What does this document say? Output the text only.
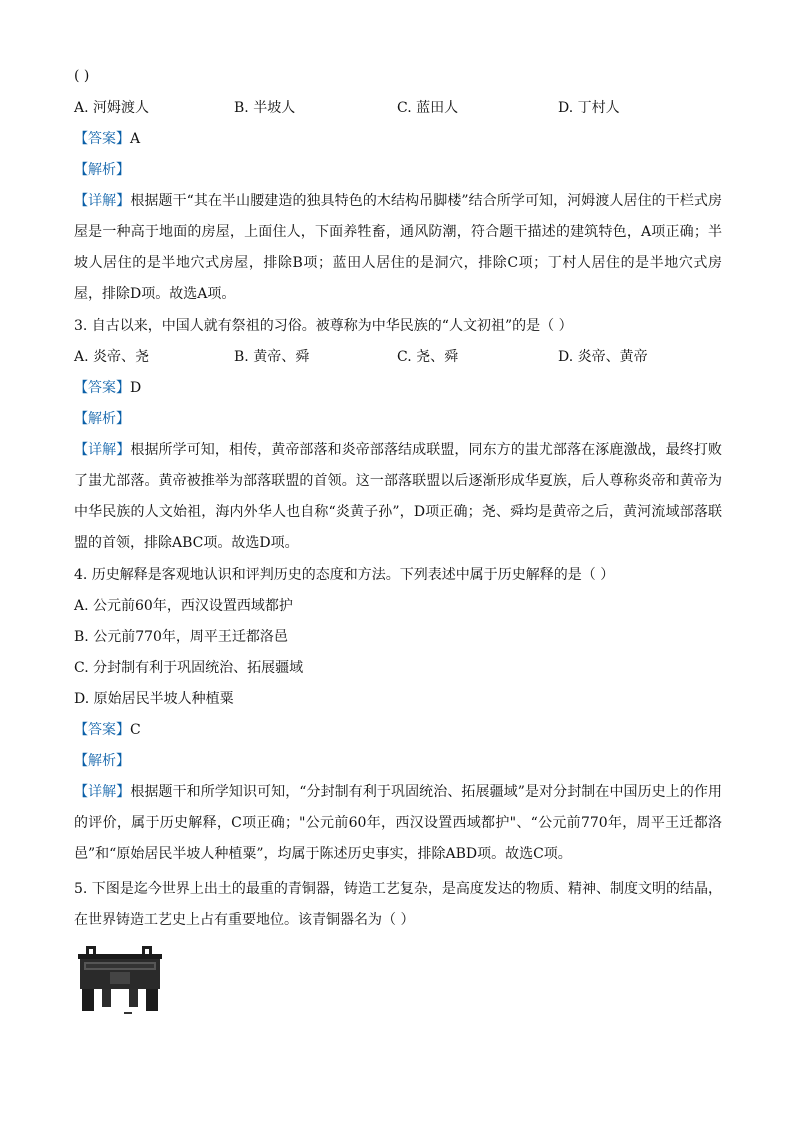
( )
A. 河姆渡人	B. 半坡人	C. 蓝田人	D. 丁村人
【答案】A
【解析】
【详解】根据题干“其在半山腰建造的独具特色的木结构吊脚楼”结合所学可知，河姆渡人居住的干栏式房屋是一种高于地面的房屋，上面住人，下面养牲畜，通风防潮，符合题干描述的建筑特色，A项正确；半坡人居住的是半地穴式房屋，排除B项；蓝田人居住的是洞穴，排除C项；丁村人居住的是半地穴式房屋，排除D项。故选A项。
3. 自古以来，中国人就有祭祖的习俗。被尊称为中华民族的“人文初祖”的是（ ）
A. 炎帝、尧	B. 黄帝、舜	C. 尧、舜	D. 炎帝、黄帝
【答案】D
【解析】
【详解】根据所学可知，相传，黄帝部落和炎帝部落结成联盟，同东方的蚩尤部落在涿鹿激战，最终打败了蚩尤部落。黄帝被推举为部落联盟的首领。这一部落联盟以后逐渐形成华夏族，后人尊称炎帝和黄帝为中华民族的人文始祖，海内外华人也自称“炎黄子孙”，D项正确；尧、舜均是黄帝之后，黄河流域部落联盟的首领，排除ABC项。故选D项。
4. 历史解释是客观地认识和评判历史的态度和方法。下列表述中属于历史解释的是（ ）
A. 公元前60年，西汉设置西域都护
B. 公元前770年，周平王迁都洛邑
C. 分封制有利于巩固统治、拓展疆域
D. 原始居民半坡人种植粟
【答案】C
【解析】
【详解】根据题干和所学知识可知，“分封制有利于巩固统治、拓展疆域”是对分封制在中国历史上的作用的评价，属于历史解释，C项正确；"公元前60年，西汉设置西域都护"、“公元前770年，周平王迁都洛邑”和“原始居民半坡人种植粟”，均属于陈述历史事实，排除ABD项。故选C项。
5. 下图是迄今世界上出土的最重的青铜器，铸造工艺复杂，是高度发达的物质、精神、制度文明的结晶，在世界铸造工艺史上占有重要地位。该青铜器名为（ ）
